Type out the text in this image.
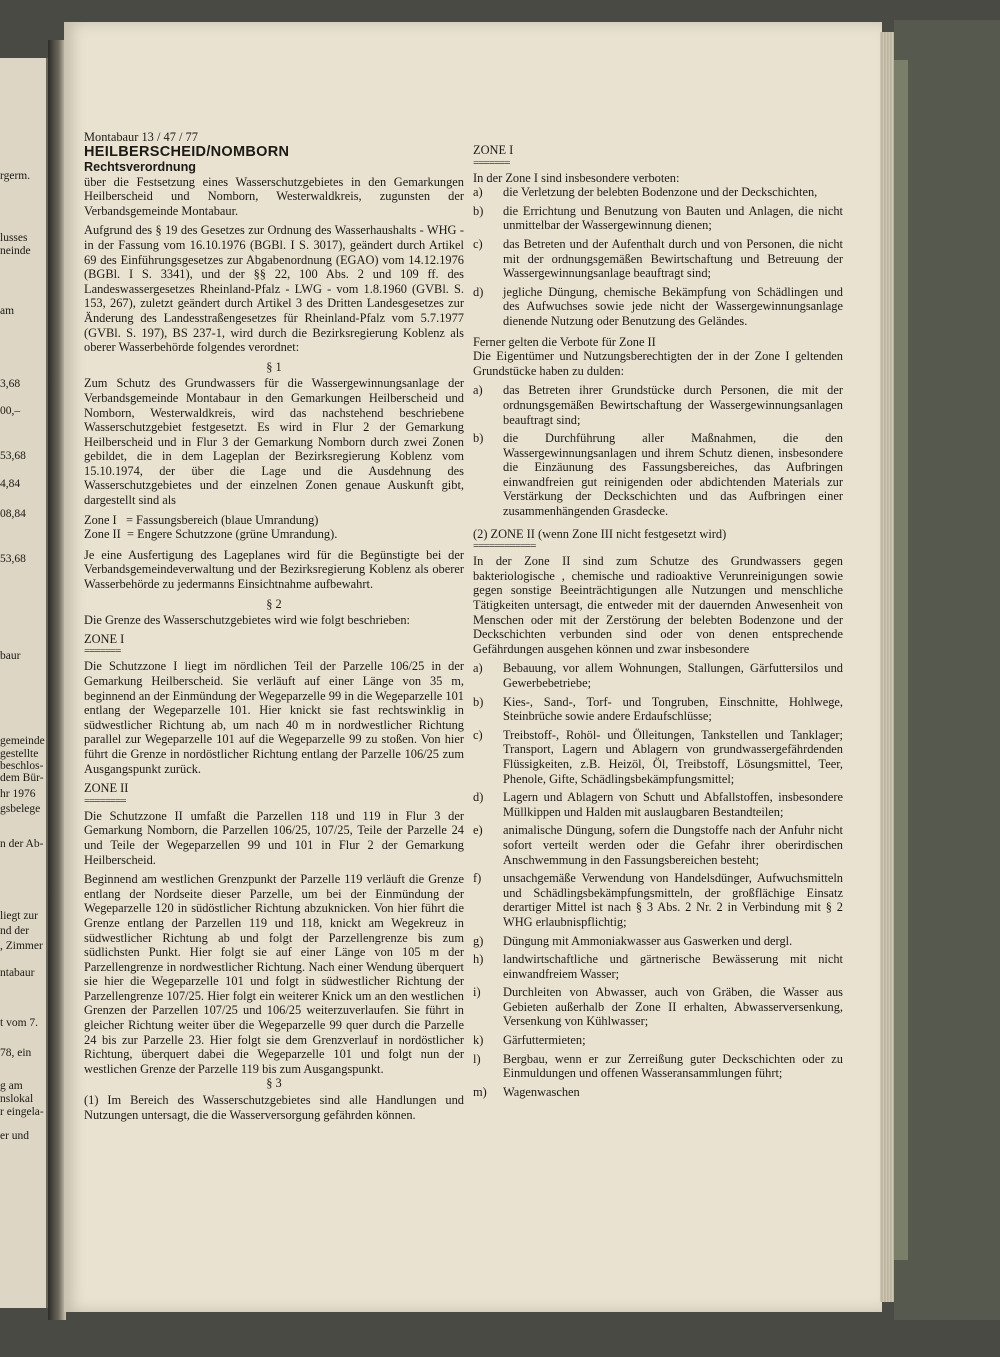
rgerm.
lusses
neinde
am
3,68
00,–
53,68
4,84
08,84
53,68
baur
gemeinde
gestellte
beschlos-
dem Bür-
hr 1976
gsbelege
n der Ab-
liegt zur
nd der
, Zimmer
ntabaur
t vom 7.
78, ein
g am
nslokal
r eingela-
er und
Montabaur 13 / 47 / 77
HEILBERSCHEID/NOMBORN
Rechtsverordnung

über die Festsetzung eines Wasserschutzgebietes in den Gemarkungen Heilberscheid und Nomborn, Westerwaldkreis, zugunsten der Verbandsgemeinde Montabaur.

Aufgrund des § 19 des Gesetzes zur Ordnung des Wasserhaushalts - WHG - in der Fassung vom 16.10.1976 (BGBl. I S. 3017), geändert durch Artikel 69 des Einführungsgesetzes zur Abgabenordnung (EGAO) vom 14.12.1976 (BGBl. I S. 3341), und der §§ 22, 100 Abs. 2 und 109 ff. des Landeswassergesetzes Rheinland-Pfalz - LWG - vom 1.8.1960 (GVBl. S. 153, 267), zuletzt geändert durch Artikel 3 des Dritten Landesgesetzes zur Änderung des Landesstraßengesetzes für Rheinland-Pfalz vom 5.7.1977 (GVBl. S. 197), BS 237-1, wird durch die Bezirksregierung Koblenz als oberer Wasserbehörde folgendes verordnet:

§ 1

Zum Schutz des Grundwassers für die Wassergewinnungsanlage der Verbandsgemeinde Montabaur in den Gemarkungen Heilberscheid und Nomborn, Westerwaldkreis, wird das nachstehend beschriebene Wasserschutzgebiet festgesetzt. Es wird in Flur 2 der Gemarkung Heilberscheid und in Flur 3 der Gemarkung Nomborn durch zwei Zonen gebildet, die in dem Lageplan der Bezirksregierung Koblenz vom 15.10.1974, der über die Lage und die Ausdehnung des Wasserschutzgebietes und der einzelnen Zonen genaue Auskunft gibt, dargestellt sind als

Zone I   = Fassungsbereich (blaue Umrandung)
Zone II  = Engere Schutzzone (grüne Umrandung).

Je eine Ausfertigung des Lageplanes wird für die Begünstigte bei der Verbandsgemeindeverwaltung und der Bezirksregierung Koblenz als oberer Wasserbehörde zu jedermanns Einsichtnahme aufbewahrt.

§ 2
Die Grenze des Wasserschutzgebietes wird wie folgt beschrieben:
ZONE I
=======

Die Schutzzone I liegt im nördlichen Teil der Parzelle 106/25 in der Gemarkung Heilberscheid. Sie verläuft auf einer Länge von 35 m, beginnend an der Einmündung der Wegeparzelle 99 in die Wegeparzelle 101 entlang der Wegeparzelle 101. Hier knickt sie fast rechtswinklig in südwestlicher Richtung ab, um nach 40 m in nordwestlicher Richtung parallel zur Wegeparzelle 101 auf die Wegeparzelle 99 zu stoßen. Von hier führt die Grenze in nordöstlicher Richtung entlang der Parzelle 106/25 zum Ausgangspunkt zurück.

ZONE II
========

Die Schutzzone II umfaßt die Parzellen 118 und 119 in Flur 3 der Gemarkung Nomborn, die Parzellen 106/25, 107/25, Teile der Parzelle 24 und Teile der Wegeparzellen 99 und 101 in Flur 2 der Gemarkung Heilberscheid.

Beginnend am westlichen Grenzpunkt der Parzelle 119 verläuft die Grenze entlang der Nordseite dieser Parzelle, um bei der Einmündung der Wegeparzelle 120 in südöstlicher Richtung abzuknicken. Von hier führt die Grenze entlang der Parzellen 119 und 118, knickt am Wegekreuz in südwestlicher Richtung ab und folgt der Parzellengrenze bis zum südlichsten Punkt. Hier folgt sie auf einer Länge von 105 m der Parzellengrenze in nordwestlicher Richtung. Nach einer Wendung überquert sie hier die Wegeparzelle 101 und folgt in südwestlicher Richtung der Parzellengrenze 107/25. Hier folgt ein weiterer Knick um an den westlichen Grenzen der Parzellen 107/25 und 106/25 weiterzuverlaufen. Sie führt in gleicher Richtung weiter über die Wegeparzelle 99 quer durch die Parzelle 24 bis zur Parzelle 23. Hier folgt sie dem Grenzverlauf in nordöstlicher Richtung, überquert dabei die Wegeparzelle 101 und folgt nun der westlichen Grenze der Parzelle 119 bis zum Ausgangspunkt.

§ 3

(1) Im Bereich des Wasserschutzgebietes sind alle Handlungen und Nutzungen untersagt, die die Wasserversorgung gefährden können.

ZONE I
=======
In der Zone I sind insbesondere verboten:
a)	die Verletzung der belebten Bodenzone und der Deckschichten,
b)	die Errichtung und Benutzung von Bauten und Anlagen, die nicht unmittelbar der Wassergewinnung dienen;
c)	das Betreten und der Aufenthalt durch und von Personen, die nicht mit der ordnungsgemäßen Bewirtschaftung und Betreuung der Wassergewinnungsanlage beauftragt sind;
d)	jegliche Düngung, chemische Bekämpfung von Schädlingen und des Aufwuchses sowie jede nicht der Wassergewinnungsanlage dienende Nutzung oder Benutzung des Geländes.
Ferner gelten die Verbote für Zone II

Die Eigentümer und Nutzungsberechtigten der in der Zone I geltenden Grundstücke haben zu dulden:

a)	das Betreten ihrer Grundstücke durch Personen, die mit der ordnungsgemäßen Bewirtschaftung der Wassergewinnungsanlagen beauftragt sind;
b)	die Durchführung aller Maßnahmen, die den Wassergewinnungsanlagen und ihrem Schutz dienen, insbesondere die Einzäunung des Fassungsbereiches, das Aufbringen einwandfreien gut reinigenden oder abdichtenden Materials zur Verstärkung der Deckschichten und das Aufbringen einer zusammenhängenden Grasdecke.
(2) ZONE II (wenn Zone III nicht festgesetzt wird)
============

In der Zone II sind zum Schutze des Grundwassers gegen bakteriologische , chemische und radioaktive Verunreinigungen sowie gegen sonstige Beeinträchtigungen alle Nutzungen und menschliche Tätigkeiten untersagt, die entweder mit der dauernden Anwesenheit von Menschen oder mit der Zerstörung der belebten Bodenzone und der Deckschichten verbunden sind oder von denen entsprechende Gefährdungen ausgehen können und zwar insbesondere

a)	Bebauung, vor allem Wohnungen, Stallungen, Gärfuttersilos und Gewerbebetriebe;
b)	Kies-, Sand-, Torf- und Tongruben, Einschnitte, Hohlwege, Steinbrüche sowie andere Erdaufschlüsse;
c)	Treibstoff-, Rohöl- und Ölleitungen, Tankstellen und Tanklager; Transport, Lagern und Ablagern von grundwassergefährdenden Flüssigkeiten, z.B. Heizöl, Öl, Treibstoff, Lösungsmittel, Teer, Phenole, Gifte, Schädlingsbekämpfungsmittel;
d)	Lagern und Ablagern von Schutt und Abfallstoffen, insbesondere Müllkippen und Halden mit auslaugbaren Bestandteilen;
e)	animalische Düngung, sofern die Dungstoffe nach der Anfuhr nicht sofort verteilt werden oder die Gefahr ihrer oberirdischen Anschwemmung in den Fassungsbereichen besteht;
f)	unsachgemäße Verwendung von Handelsdünger, Aufwuchsmitteln und Schädlingsbekämpfungsmitteln, der großflächige Einsatz derartiger Mittel ist nach § 3 Abs. 2 Nr. 2 in Verbindung mit § 2 WHG erlaubnispflichtig;
g)	Düngung mit Ammoniakwasser aus Gaswerken und dergl.
h)	landwirtschaftliche und gärtnerische Bewässerung mit nicht einwandfreiem Wasser;
i)	Durchleiten von Abwasser, auch von Gräben, die Wasser aus Gebieten außerhalb der Zone II erhalten, Abwasserversenkung, Versenkung von Kühlwasser;
k)	Gärfuttermieten;
l)	Bergbau, wenn er zur Zerreißung guter Deckschichten oder zu Einmuldungen und offenen Wasseransammlungen führt;
m)	Wagenwaschen
